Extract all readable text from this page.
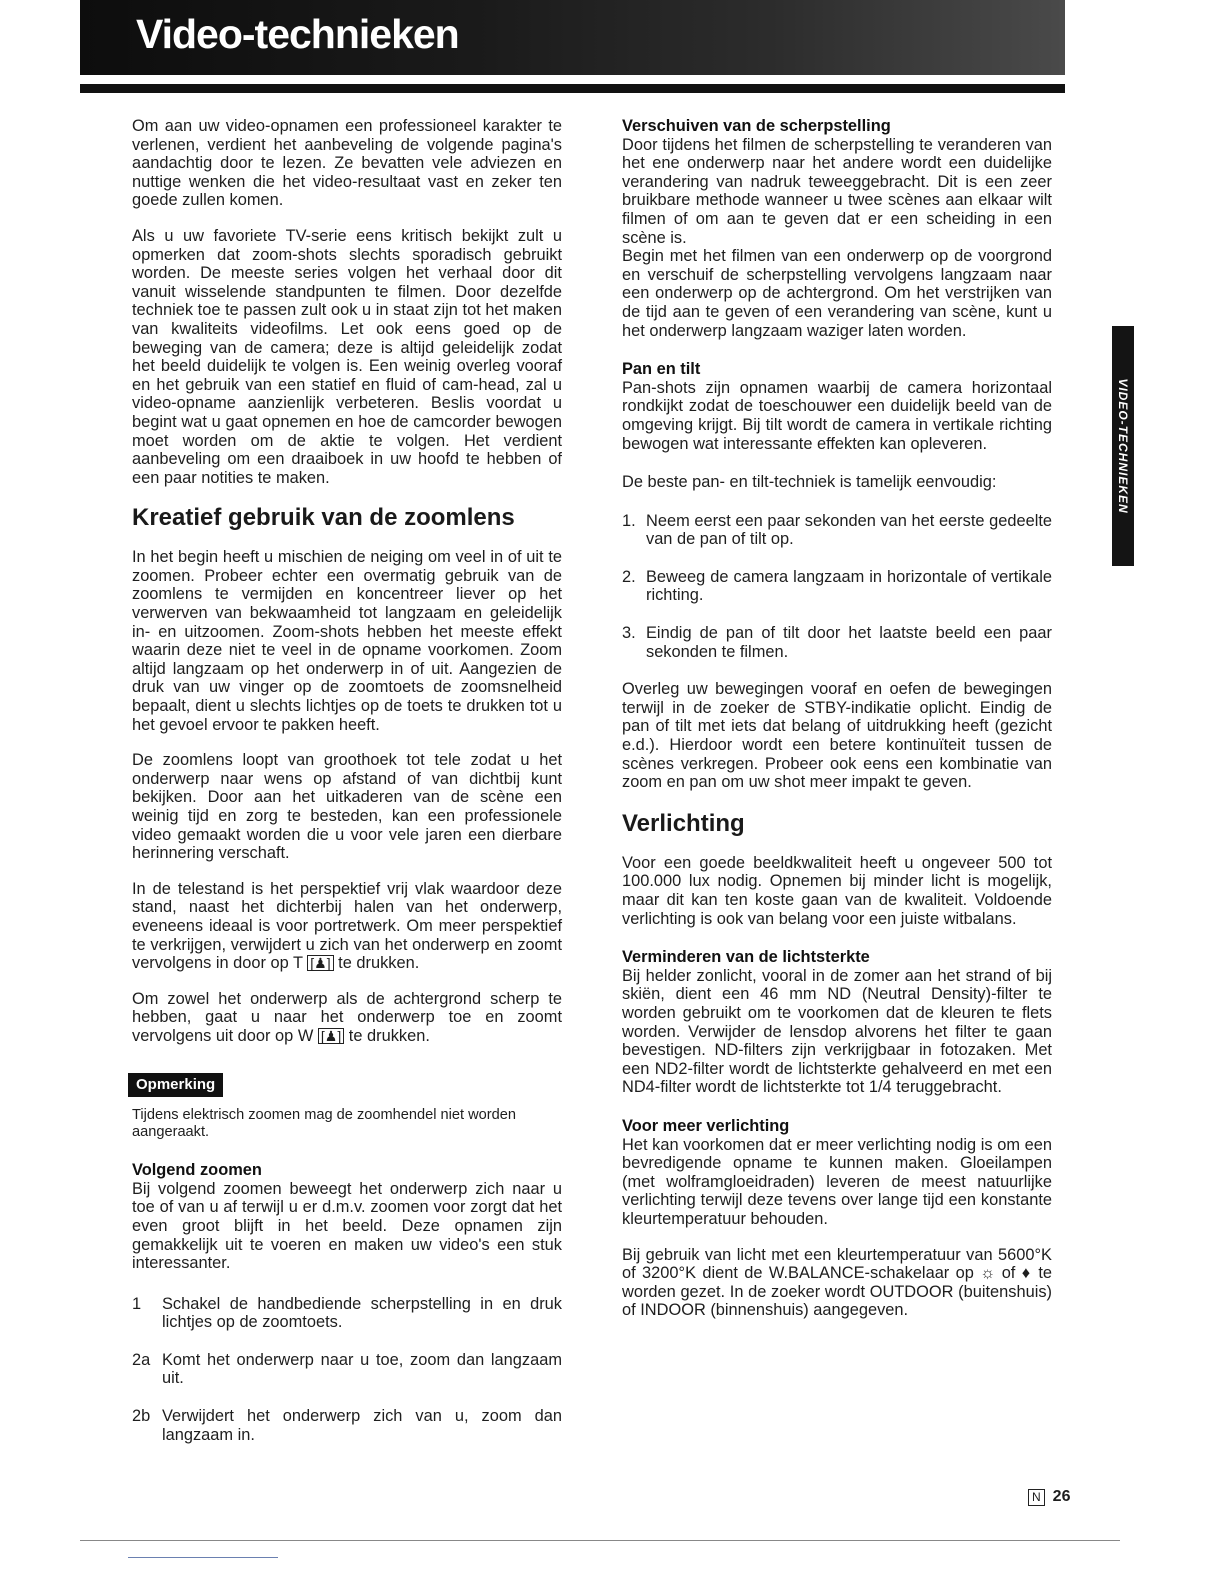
Video-technieken

Om aan uw video-opnamen een professioneel karakter te verlenen, verdient het aanbeveling de volgende pagina's aandachtig door te lezen. Ze bevatten vele adviezen en nuttige wenken die het video-resultaat vast en zeker ten goede zullen komen.

Als u uw favoriete TV-serie eens kritisch bekijkt zult u opmerken dat zoom-shots slechts sporadisch gebruikt worden. De meeste series volgen het verhaal door dit vanuit wisselende standpunten te filmen. Door dezelfde techniek toe te passen zult ook u in staat zijn tot het maken van kwaliteits videofilms. Let ook eens goed op de beweging van de camera; deze is altijd geleidelijk zodat het beeld duidelijk te volgen is. Een weinig overleg vooraf en het gebruik van een statief en fluid of cam-head, zal u video-opname aanzienlijk verbeteren. Beslis voordat u begint wat u gaat opnemen en hoe de camcorder bewogen moet worden om de aktie te volgen. Het verdient aanbeveling om een draaiboek in uw hoofd te hebben of een paar notities te maken.

Kreatief gebruik van de zoomlens

In het begin heeft u mischien de neiging om veel in of uit te zoomen. Probeer echter een overmatig gebruik van de zoomlens te vermijden en koncentreer liever op het verwerven van bekwaamheid tot langzaam en geleidelijk in- en uitzoomen. Zoom-shots hebben het meeste effekt waarin deze niet te veel in de opname voorkomen. Zoom altijd langzaam op het onderwerp in of uit. Aangezien de druk van uw vinger op de zoomtoets de zoomsnelheid bepaalt, dient u slechts lichtjes op de toets te drukken tot u het gevoel ervoor te pakken heeft.

De zoomlens loopt van groothoek tot tele zodat u het onderwerp naar wens op afstand of van dichtbij kunt bekijken. Door aan het uitkaderen van de scène een weinig tijd en zorg te besteden, kan een professionele video gemaakt worden die u voor vele jaren een dierbare herinnering verschaft.

In de telestand is het perspektief vrij vlak waardoor deze stand, naast het dichterbij halen van het onderwerp, eveneens ideaal is voor portretwerk. Om meer perspektief te verkrijgen, verwijdert u zich van het onderwerp en zoomt vervolgens in door op T [♟] te drukken.

Om zowel het onderwerp als de achtergrond scherp te hebben, gaat u naar het onderwerp toe en zoomt vervolgens uit door op W [♟] te drukken.

Opmerking
Tijdens elektrisch zoomen mag de zoomhendel niet worden aangeraakt.
Volgend zoomen

Bij volgend zoomen beweegt het onderwerp zich naar u toe of van u af terwijl u er d.m.v. zoomen voor zorgt dat het even groot blijft in het beeld. Deze opnamen zijn gemakkelijk uit te voeren en maken uw video's een stuk interessanter.

1	Schakel de handbediende scherpstelling in en druk lichtjes op de zoomtoets.
2a Komt het onderwerp naar u toe, zoom dan langzaam uit.
2b Verwijdert het onderwerp zich van u, zoom dan langzaam in.
Verschuiven van de scherpstelling

Door tijdens het filmen de scherpstelling te veranderen van het ene onderwerp naar het andere wordt een duidelijke verandering van nadruk teweeggebracht. Dit is een zeer bruikbare methode wanneer u twee scènes aan elkaar wilt filmen of om aan te geven dat er een scheiding in een scène is.

Begin met het filmen van een onderwerp op de voorgrond en verschuif de scherpstelling vervolgens langzaam naar een onderwerp op de achtergrond. Om het verstrijken van de tijd aan te geven of een verandering van scène, kunt u het onderwerp langzaam waziger laten worden.

Pan en tilt

Pan-shots zijn opnamen waarbij de camera horizontaal rondkijkt zodat de toeschouwer een duidelijk beeld van de omgeving krijgt. Bij tilt wordt de camera in vertikale richting bewogen wat interessante effekten kan opleveren.

De beste pan- en tilt-techniek is tamelijk eenvoudig:

1. Neem eerst een paar sekonden van het eerste gedeelte van de pan of tilt op.
2. Beweeg de camera langzaam in horizontale of vertikale richting.
3. Eindig de pan of tilt door het laatste beeld een paar sekonden te filmen.

Overleg uw bewegingen vooraf en oefen de bewegingen terwijl in de zoeker de STBY-indikatie oplicht. Eindig de pan of tilt met iets dat belang of uitdrukking heeft (gezicht e.d.). Hierdoor wordt een betere kontinuïteit tussen de scènes verkregen. Probeer ook eens een kombinatie van zoom en pan om uw shot meer impakt te geven.

Verlichting

Voor een goede beeldkwaliteit heeft u ongeveer 500 tot 100.000 lux nodig. Opnemen bij minder licht is mogelijk, maar dit kan ten koste gaan van de kwaliteit. Voldoende verlichting is ook van belang voor een juiste witbalans.

Verminderen van de lichtsterkte

Bij helder zonlicht, vooral in de zomer aan het strand of bij skiën, dient een 46 mm ND (Neutral Density)-filter te worden gebruikt om te voorkomen dat de kleuren te flets worden. Verwijder de lensdop alvorens het filter te gaan bevestigen. ND-filters zijn verkrijgbaar in fotozaken. Met een ND2-filter wordt de lichtsterkte gehalveerd en met een ND4-filter wordt de lichtsterkte tot 1/4 teruggebracht.

Voor meer verlichting

Het kan voorkomen dat er meer verlichting nodig is om een bevredigende opname te kunnen maken. Gloeilampen (met wolframgloeidraden) leveren de meest natuurlijke verlichting terwijl deze tevens over lange tijd een konstante kleurtemperatuur behouden.

Bij gebruik van licht met een kleurtemperatuur van 5600°K of 3200°K dient de W.BALANCE-schakelaar op ☼ of ♦ te worden gezet. In de zoeker wordt OUTDOOR (buitenshuis) of INDOOR (binnenshuis) aangegeven.

VIDEO-TECHNIEKEN
N 26
